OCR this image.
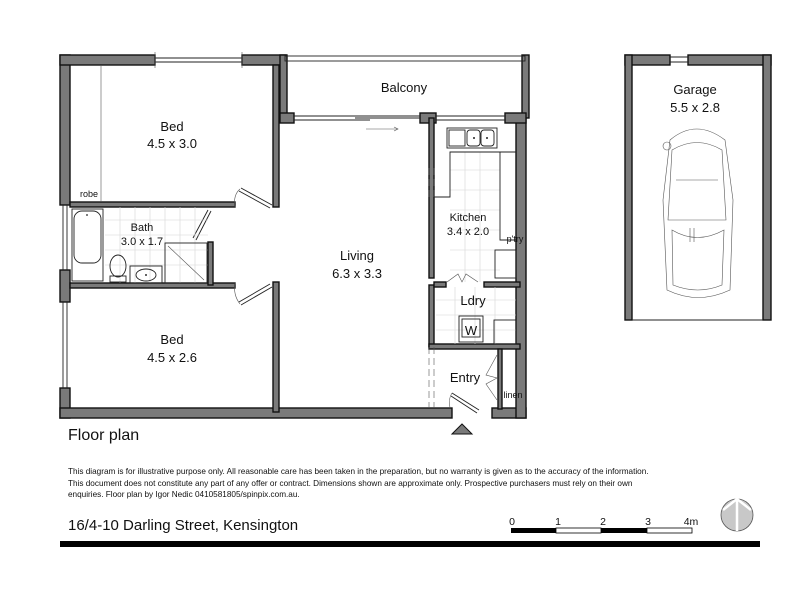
Bed
4.5 x 3.0
robe
Bath
3.0 x 1.7
Bed
4.5 x 2.6
Balcony
Living
6.3 x 3.3
Kitchen
3.4 x 2.0
p'try
Ldry
W
Entry
linen
Garage
5.5 x 2.8
0	1	2	3	4m
Floor plan
This diagram is for illustrative purpose only. All reasonable care has been taken in the preparation, but no warranty is given as to the accuracy of the information.
This document does not constitute any part of any offer or contract. Dimensions shown are approximate only. Prospective purchasers must rely on their own
enquiries. Floor plan by Igor Nedic 0410581805/spinpix.com.au.
16/4-10 Darling Street, Kensington
